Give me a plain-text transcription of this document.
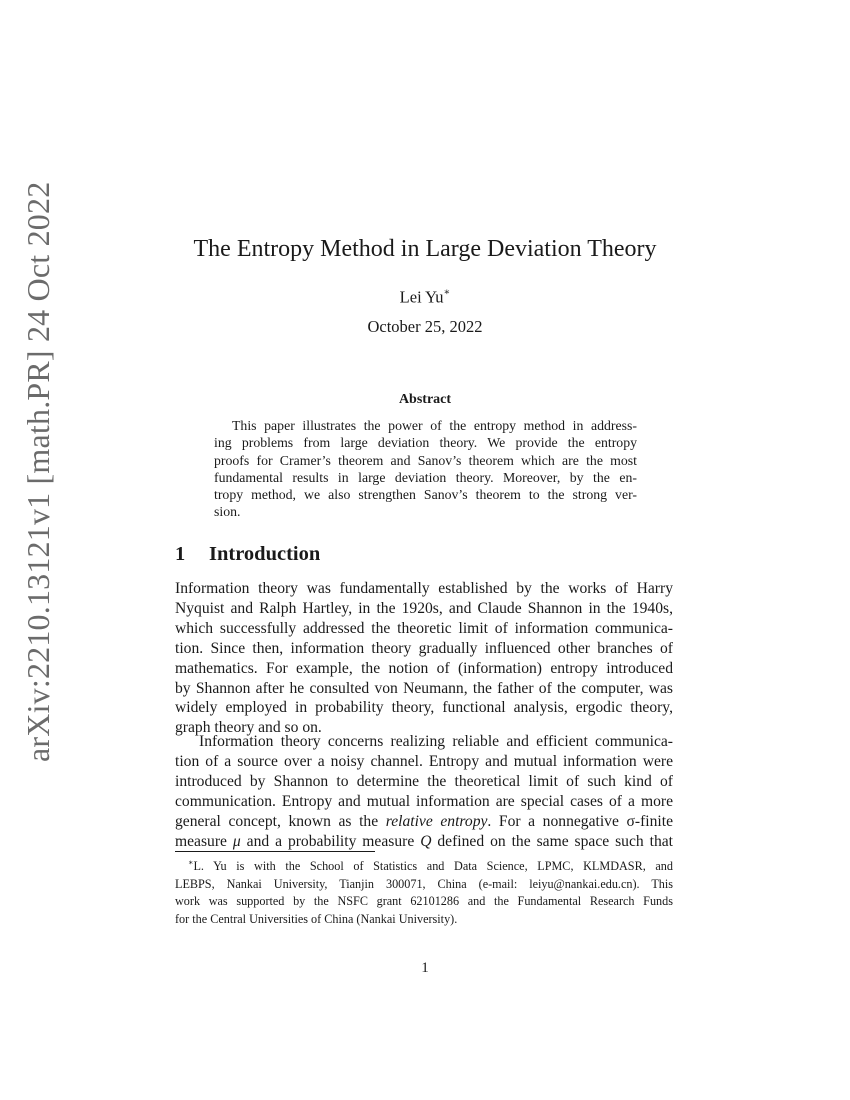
arXiv:2210.13121v1 [math.PR] 24 Oct 2022	The Entropy Method in Large Deviation Theory
Lei Yu∗
October 25, 2022
Abstract
This paper illustrates the power of the entropy method in address-
ing problems from large deviation theory. We provide the entropy
proofs for Cramer’s theorem and Sanov’s theorem which are the most
fundamental results in large deviation theory. Moreover, by the en-
tropy method, we also strengthen Sanov’s theorem to the strong ver-
sion.
1 Introduction
Information theory was fundamentally established by the works of Harry
Nyquist and Ralph Hartley, in the 1920s, and Claude Shannon in the 1940s,
which successfully addressed the theoretic limit of information communica-
tion. Since then, information theory gradually influenced other branches of
mathematics. For example, the notion of (information) entropy introduced
by Shannon after he consulted von Neumann, the father of the computer, was
widely employed in probability theory, functional analysis, ergodic theory,
graph theory and so on.
Information theory concerns realizing reliable and efficient communica-
tion of a source over a noisy channel. Entropy and mutual information were
introduced by Shannon to determine the theoretical limit of such kind of
communication. Entropy and mutual information are special cases of a more
general concept, known as the relative entropy. For a nonnegative σ-finite
measure μ and a probability measure Q defined on the same space such that
∗L. Yu is with the School of Statistics and Data Science, LPMC, KLMDASR, and
LEBPS, Nankai University, Tianjin 300071, China (e-mail: leiyu@nankai.edu.cn). This
work was supported by the NSFC grant 62101286 and the Fundamental Research Funds
for the Central Universities of China (Nankai University).
1
